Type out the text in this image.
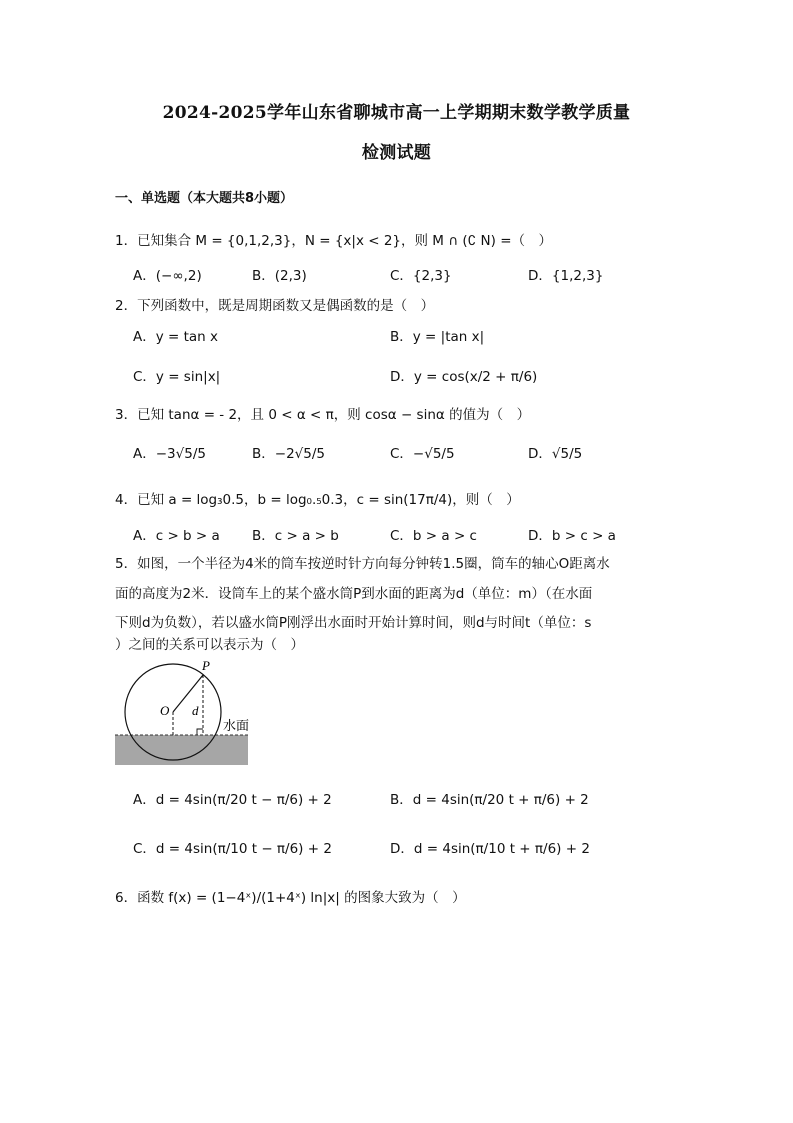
2024-2025学年山东省聊城市高一上学期期末数学教学质量
检测试题
一、单选题（本大题共8小题）
1．已知集合 M = {0,1,2,3}，N = {x|x < 2}，则 M ∩ (∁ N) =（　）
A．(−∞,2)	B．(2,3)	C．{2,3}	D．{1,2,3}
2．下列函数中，既是周期函数又是偶函数的是（　）
A．y = tan x	B．y = |tan x|
C．y = sin|x|	D．y = cos(x/2 + π/6)
3．已知 tanα = - 2，且 0 < α < π，则 cosα − sinα 的值为（　）
A．−3√5/5	B．−2√5/5	C．−√5/5	D．√5/5
4．已知 a = log₃0.5，b = log₀.₅0.3，c = sin(17π/4)，则（　）
A．c > b > a B．c > a > b	C．b > a > c	D．b > c > a
5．如图，一个半径为4米的筒车按逆时针方向每分钟转1.5圈，筒车的轴心O距离水
面的高度为2米．设筒车上的某个盛水筒P到水面的距离为d（单位：m）（在水面
下则d为负数），若以盛水筒P刚浮出水面时开始计算时间，则d与时间t（单位：s
）之间的关系可以表示为（　）
P
O d
水面
A．d = 4sin(π/20 t − π/6) + 2	B．d = 4sin(π/20 t + π/6) + 2
C．d = 4sin(π/10 t − π/6) + 2	D．d = 4sin(π/10 t + π/6) + 2
6．函数 f(x) = (1−4ˣ)/(1+4ˣ) ln|x| 的图象大致为（　）
